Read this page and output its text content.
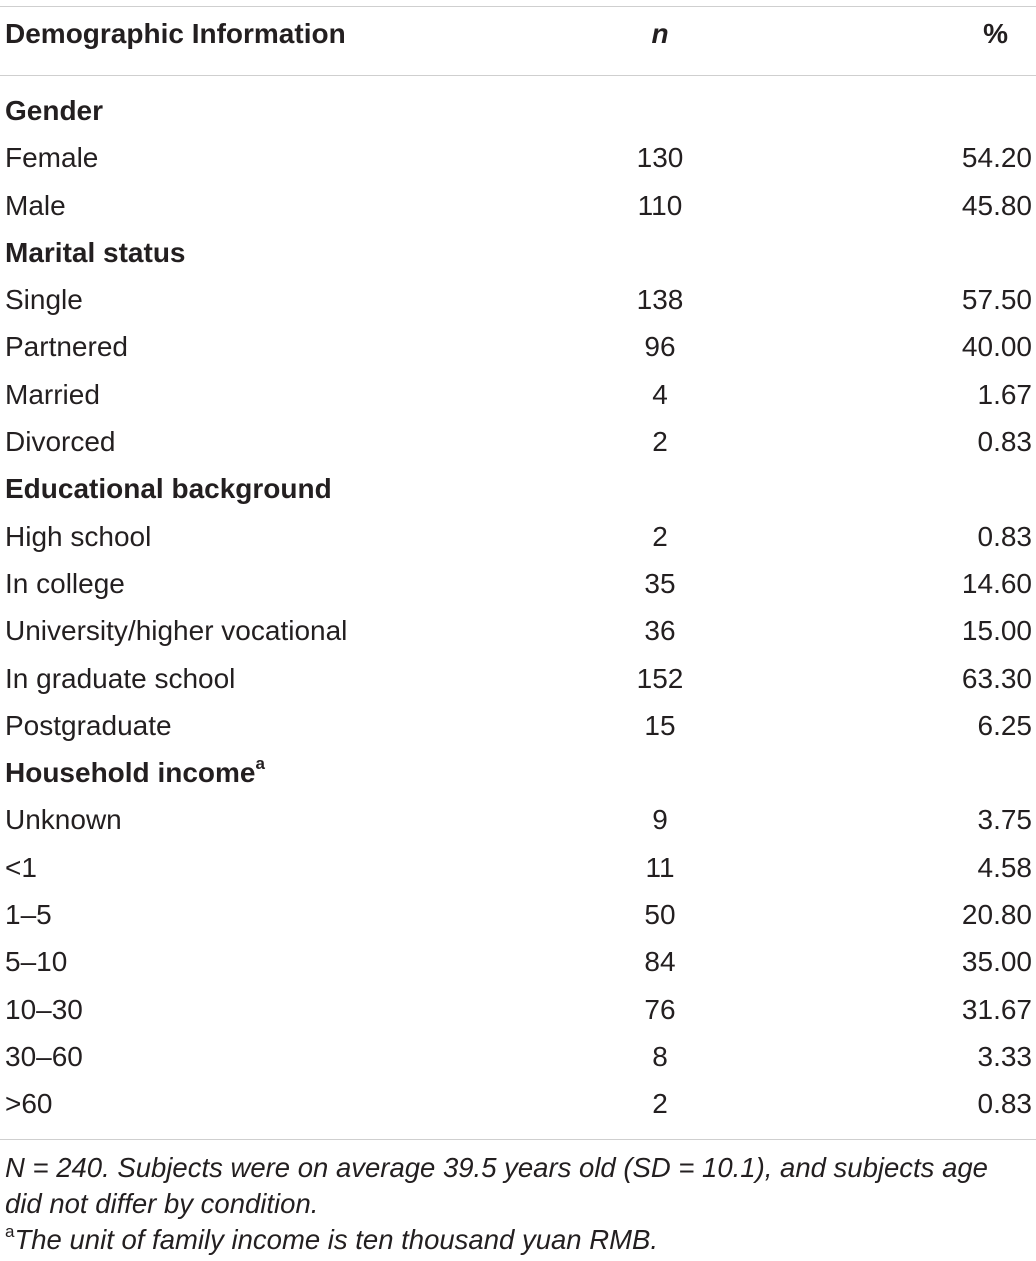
Demographic Information	n	%
Gender
Female	130	54.20
Male	110	45.80
Marital status
Single	138	57.50
Partnered	96	40.00
Married	4	1.67
Divorced	2	0.83
Educational background
High school	2	0.83
In college	35	14.60
University/higher vocational	36	15.00
In graduate school	152	63.30
Postgraduate	15	6.25
Household income$^a$
Unknown	9	3.75
<1	11	4.58
1–5	50	20.80
5–10	84	35.00
10–30	76	31.67
30–60	8	3.33
>60	2	0.83
N = 240. Subjects were on average 39.5 years old (SD = 10.1), and subjects age
did not differ by condition.
$^a$The unit of family income is ten thousand yuan RMB.
